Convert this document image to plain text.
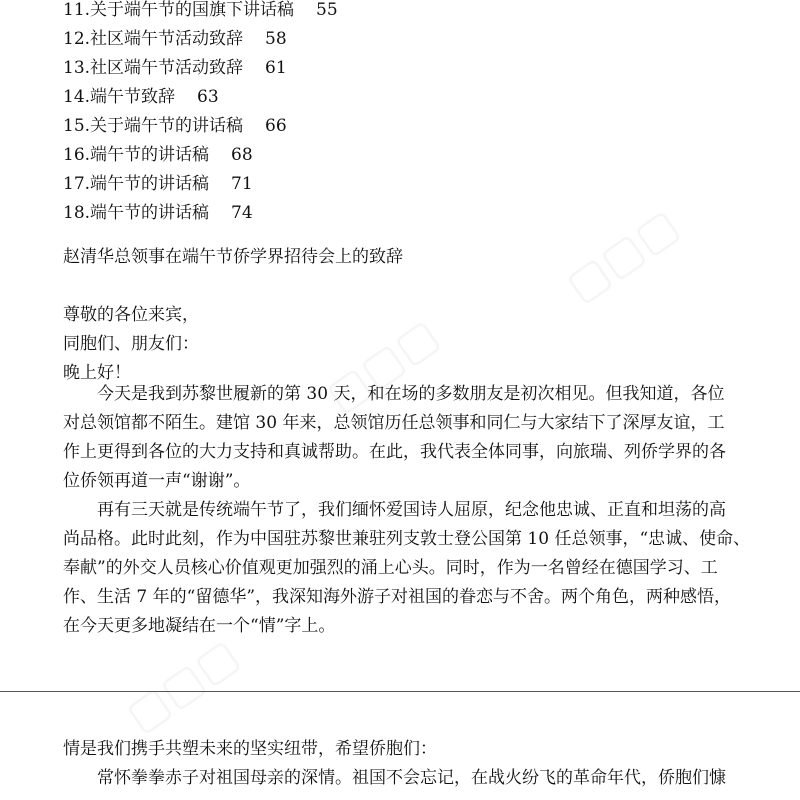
▢▢▢
▢▢▢
▢▢▢
11.关于端午节的国旗下讲话稿 55
12.社区端午节活动致辞 58
13.社区端午节活动致辞 61
14.端午节致辞 63
15.关于端午节的讲话稿 66
16.端午节的讲话稿 68
17.端午节的讲话稿 71
18.端午节的讲话稿 74
赵清华总领事在端午节侨学界招待会上的致辞
尊敬的各位来宾，
同胞们、朋友们：
晚上好！
今天是我到苏黎世履新的第 30 天，和在场的多数朋友是初次相见。但我知道，各位
对总领馆都不陌生。建馆 30 年来，总领馆历任总领事和同仁与大家结下了深厚友谊，工
作上更得到各位的大力支持和真诚帮助。在此，我代表全体同事，向旅瑞、列侨学界的各
位侨领再道一声“谢谢”。
再有三天就是传统端午节了，我们缅怀爱国诗人屈原，纪念他忠诚、正直和坦荡的高
尚品格。此时此刻，作为中国驻苏黎世兼驻列支敦士登公国第 10 任总领事，“忠诚、使命、
奉献”的外交人员核心价值观更加强烈的涌上心头。同时，作为一名曾经在德国学习、工
作、生活 7 年的“留德华”，我深知海外游子对祖国的眷恋与不舍。两个角色，两种感悟，
在今天更多地凝结在一个“情”字上。
情是我们携手共塑未来的坚实纽带，希望侨胞们：
常怀拳拳赤子对祖国母亲的深情。祖国不会忘记，在战火纷飞的革命年代，侨胞们慷
